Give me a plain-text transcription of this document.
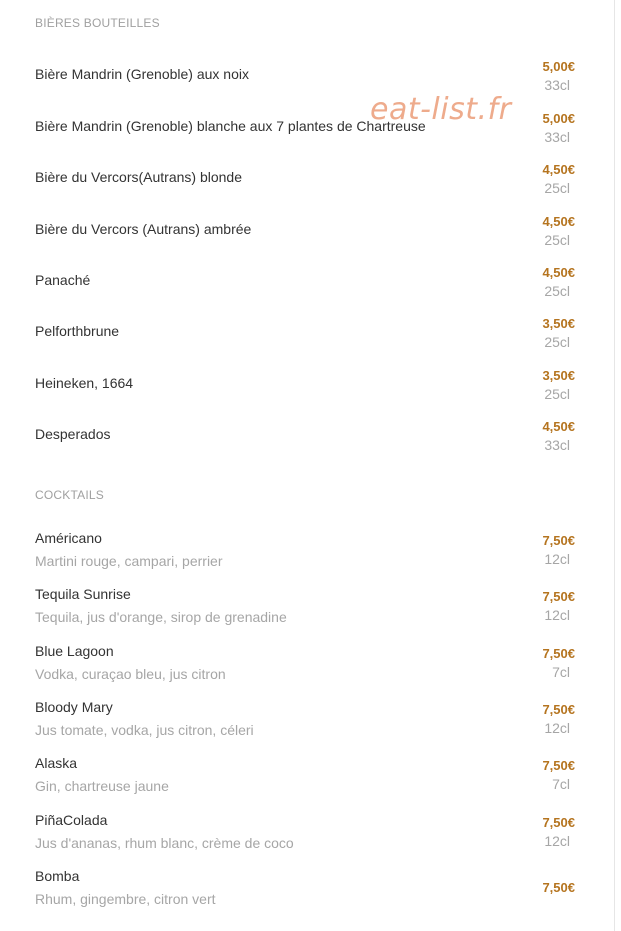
BIÈRES BOUTEILLES
Bière Mandrin (Grenoble) aux noix	5,00€
33cl
Bière Mandrin (Grenoble) blanche aux 7 plantes de Chartreuse	5,00€
33cl
Bière du Vercors(Autrans) blonde	4,50€
25cl
Bière du Vercors (Autrans) ambrée	4,50€
25cl
Panaché	4,50€
25cl
Pelforthbrune	3,50€
25cl
Heineken, 1664	3,50€
25cl
Desperados	4,50€
33cl
COCKTAILS
Américano
Martini rouge, campari, perrier
7,50€
12cl
Tequila Sunrise
Tequila, jus d'orange, sirop de grenadine
7,50€
12cl
Blue Lagoon
Vodka, curaçao bleu, jus citron
7,50€
7cl
Bloody Mary
Jus tomate, vodka, jus citron, céleri
7,50€
12cl
Alaska
Gin, chartreuse jaune
7,50€
7cl
PiñaColada
Jus d'ananas, rhum blanc, crème de coco
7,50€
12cl
Bomba
Rhum, gingembre, citron vert
7,50€
eat-list.fr
